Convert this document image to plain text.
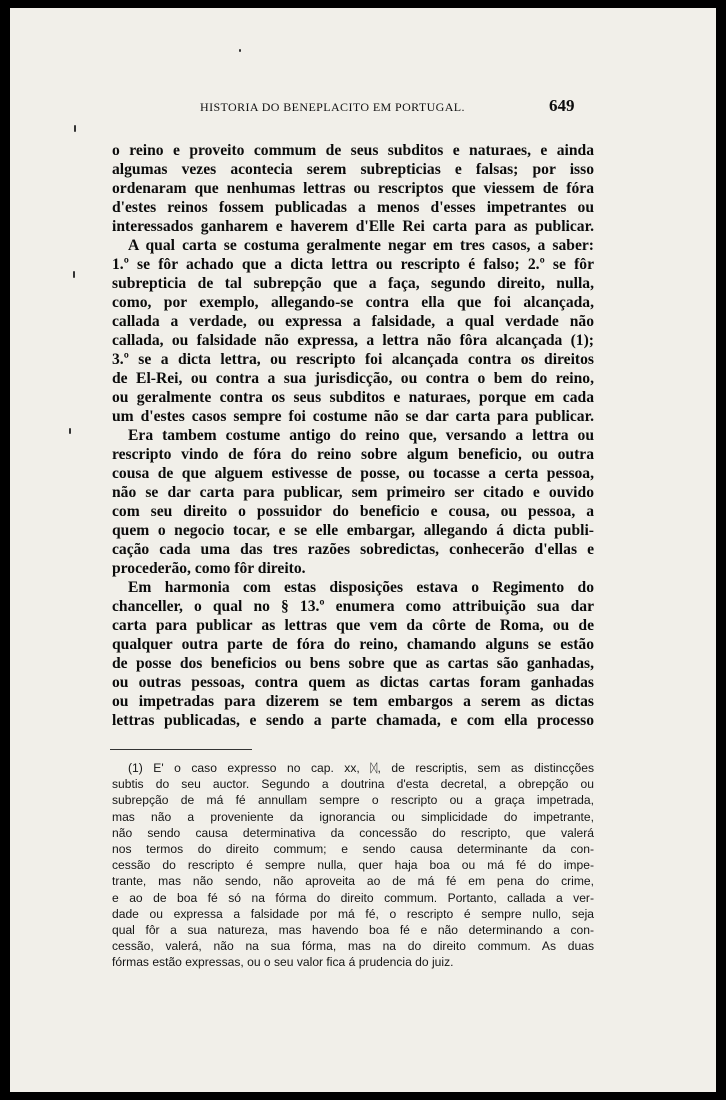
HISTORIA DO BENEPLACITO EM PORTUGAL.	649
o reino e proveito commum de seus subditos e naturaes, e ainda
algumas vezes acontecia serem subrepticias e falsas; por isso
ordenaram que nenhumas lettras ou rescriptos que viessem de fóra
d'estes reinos fossem publicadas a menos d'esses impetrantes ou
interessados ganharem e haverem d'Elle Rei carta para as publicar.
A qual carta se costuma geralmente negar em tres casos, a saber:
1.º se fôr achado que a dicta lettra ou rescripto é falso; 2.º se fôr
subrepticia de tal subrepção que a faça, segundo direito, nulla,
como, por exemplo, allegando-se contra ella que foi alcançada,
callada a verdade, ou expressa a falsidade, a qual verdade não
callada, ou falsidade não expressa, a lettra não fôra alcançada (1);
3.º se a dicta lettra, ou rescripto foi alcançada contra os direitos
de El-Rei, ou contra a sua jurisdicção, ou contra o bem do reino,
ou geralmente contra os seus subditos e naturaes, porque em cada
um d'estes casos sempre foi costume não se dar carta para publicar.
Era tambem costume antigo do reino que, versando a lettra ou
rescripto vindo de fóra do reino sobre algum beneficio, ou outra
cousa de que alguem estivesse de posse, ou tocasse a certa pessoa,
não se dar carta para publicar, sem primeiro ser citado e ouvido
com seu direito o possuidor do beneficio e cousa, ou pessoa, a
quem o negocio tocar, e se elle embargar, allegando á dicta publi-
cação cada uma das tres razões sobredictas, conhecerão d'ellas e
procederão, como fôr direito.
Em harmonia com estas disposições estava o Regimento do
chanceller, o qual no § 13.º enumera como attribuição sua dar
carta para publicar as lettras que vem da côrte de Roma, ou de
qualquer outra parte de fóra do reino, chamando alguns se estão
de posse dos beneficios ou bens sobre que as cartas são ganhadas,
ou outras pessoas, contra quem as dictas cartas foram ganhadas
ou impetradas para dizerem se tem embargos a serem as dictas
lettras publicadas, e sendo a parte chamada, e com ella processo
(1) E' o caso expresso no cap. xx, ᛞ, de rescriptis, sem as distincções
subtis do seu auctor. Segundo a doutrina d'esta decretal, a obrepção ou
subrepção de má fé annullam sempre o rescripto ou a graça impetrada,
mas não a proveniente da ignorancia ou simplicidade do impetrante,
não sendo causa determinativa da concessão do rescripto, que valerá
nos termos do direito commum; e sendo causa determinante da con-
cessão do rescripto é sempre nulla, quer haja boa ou má fé do impe-
trante, mas não sendo, não aproveita ao de má fé em pena do crime,
e ao de boa fé só na fórma do direito commum. Portanto, callada a ver-
dade ou expressa a falsidade por má fé, o rescripto é sempre nullo, seja
qual fôr a sua natureza, mas havendo boa fé e não determinando a con-
cessão, valerá, não na sua fórma, mas na do direito commum. As duas
fórmas estão expressas, ou o seu valor fica á prudencia do juiz.
